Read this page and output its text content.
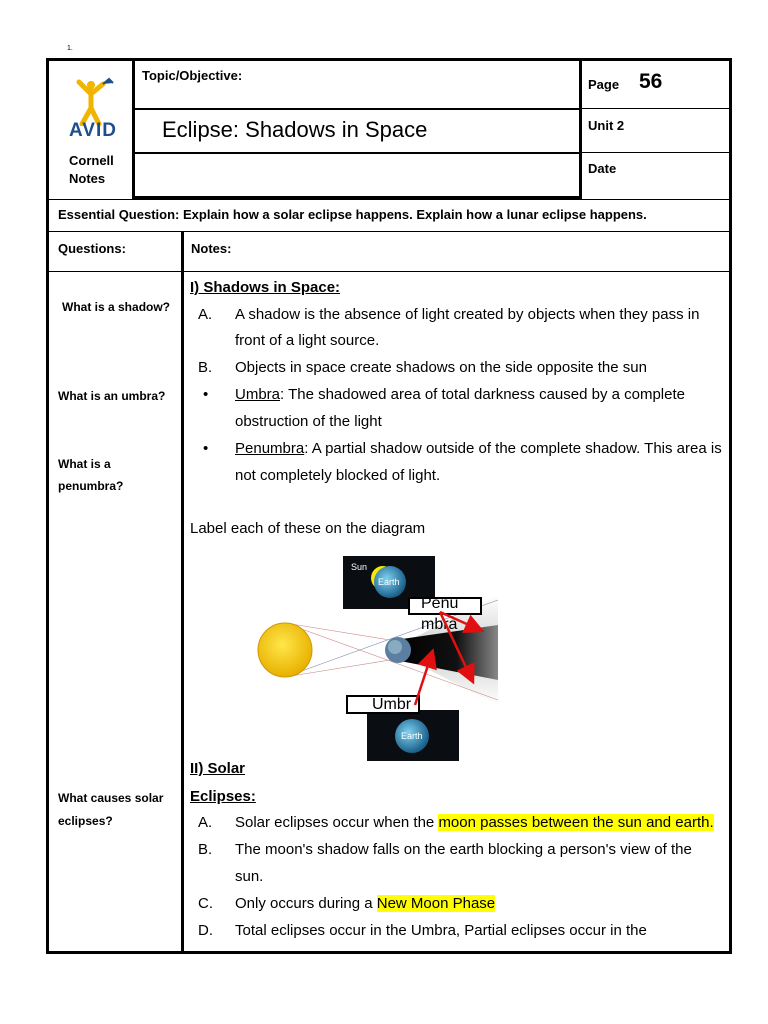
1.
AVID
Cornell
Notes
Topic/Objective:
Eclipse: Shadows in Space
Page 56
Unit 2
Date
Essential Question: Explain how a solar eclipse happens. Explain how a lunar eclipse happens.
Questions:	Notes:
What is a shadow?
What is an umbra?
What is a
penumbra?
What causes solar
eclipses?
I) Shadows in Space:
A. A shadow is the absence of light created by objects when they pass in
front of a light source.
B. Objects in space create shadows on the side opposite the sun
• Umbra: The shadowed area of total darkness caused by a complete
obstruction of the light
• Penumbra: A partial shadow outside of the complete shadow. This area is
not completely blocked of light.
Label each of these on the diagram
Sun
Earth
Earth
Penu
mbra
Umbr
II) Solar
Eclipses:
A. Solar eclipses occur when the moon passes between the sun and earth.
B. The moon's shadow falls on the earth blocking a person's view of the
sun.
C. Only occurs during a New Moon Phase
D. Total eclipses occur in the Umbra, Partial eclipses occur in the
